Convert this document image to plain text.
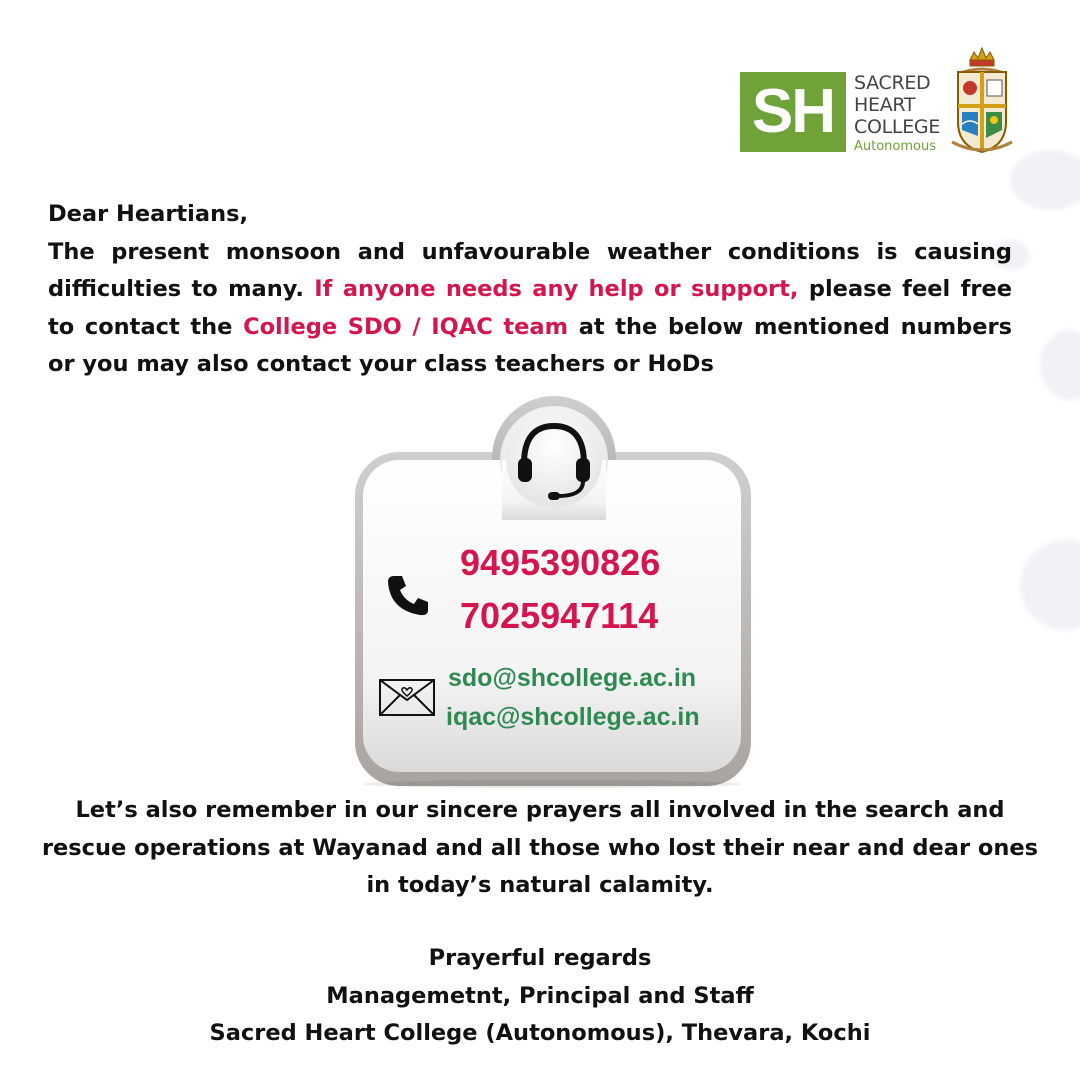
SH	SACRED
HEART
COLLEGE
Autonomous
Dear Heartians,
The present monsoon and unfavourable weather conditions is causing difficulties to many. If anyone needs any help or support, please feel free to contact the College SDO / IQAC team at the below mentioned numbers or you may also contact your class teachers or HoDs
9495390826
7025947114
sdo@shcollege.ac.in
iqac@shcollege.ac.in
Let’s also remember in our sincere prayers all involved in the search and rescue operations at Wayanad and all those who lost their near and dear ones in today’s natural calamity.
Prayerful regards
Managemetnt, Principal and Staff
Sacred Heart College (Autonomous), Thevara, Kochi
